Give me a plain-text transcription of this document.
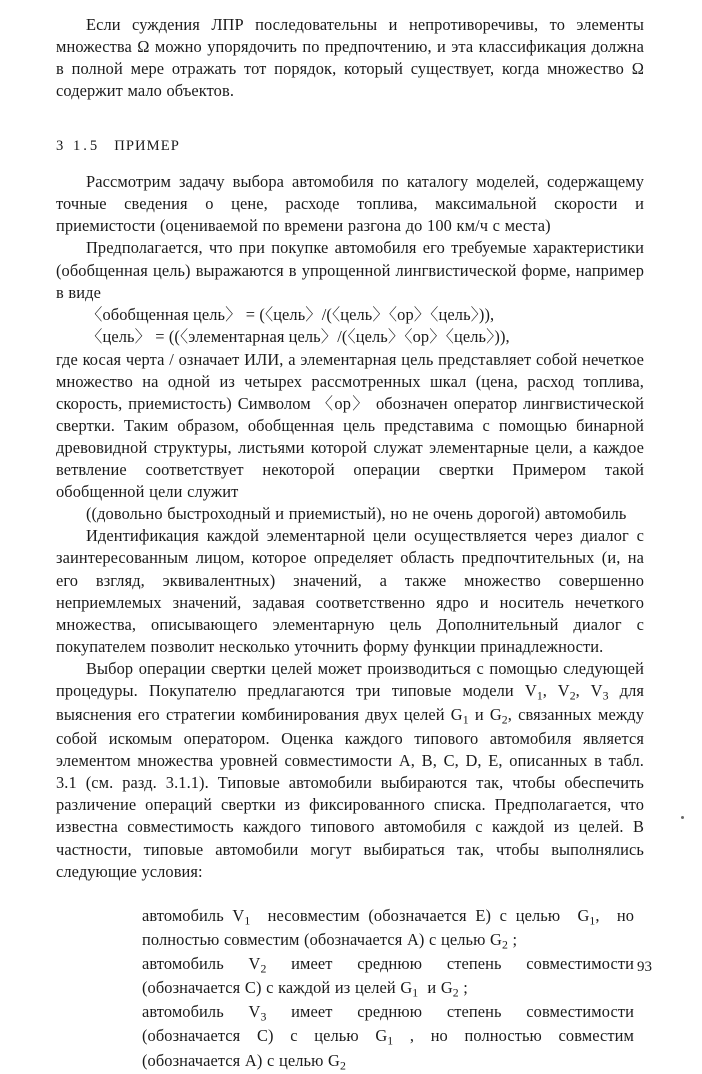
Если суждения ЛПР последовательны и непротиворечивы, то элементы множества Ω можно упорядочить по предпочтению, и эта классификация должна в полной мере отражать тот порядок, который существует, когда множество Ω содержит мало объектов.

3 1.5 ПРИМЕР

Рассмотрим задачу выбора автомобиля по каталогу моделей, содержащему точные сведения о цене, расходе топлива, максимальной скорости и приемистости (оцениваемой по времени разгона до 100 км/ч с места)

Предполагается, что при покупке автомобиля его требуемые характеристики (обобщенная цель) выражаются в упрощенной лингвистической форме, например в виде

〈обобщенная цель〉 = (〈цель〉/(〈цель〉〈ор〉〈цель〉)),

〈цель〉 = ((〈элементарная цель〉/(〈цель〉〈ор〉〈цель〉)),

где косая черта / означает ИЛИ, а элементарная цель представляет собой нечеткое множество на одной из четырех рассмотренных шкал (цена, расход топлива, скорость, приемистость) Символом 〈ор〉 обозначен оператор лингвистической свертки. Таким образом, обобщенная цель представима с помощью бинарной древовидной структуры, листьями которой служат элементарные цели, а каждое ветвление соответствует некоторой операции свертки Примером такой обобщенной цели служит

((довольно быстроходный и приемистый), но не очень дорогой) автомобиль

Идентификация каждой элементарной цели осуществляется через диалог с заинтересованным лицом, которое определяет область предпочтительных (и, на его взгляд, эквивалентных) значений, а также множество совершенно неприемлемых значений, задавая соответственно ядро и носитель нечеткого множества, описывающего элементарную цель Дополнительный диалог с покупателем позволит несколько уточнить форму функции принадлежности.

Выбор операции свертки целей может производиться с помощью следующей процедуры. Покупателю предлагаются три типовые модели $V_1$, $V_2$, $V_3$ для выяснения его стратегии комбинирования двух целей $G_1$ и $G_2$, связанных между собой искомым оператором. Оценка каждого типового автомобиля является элементом множества уровней совместимости A, B, C, D, E, описанных в табл. 3.1 (см. разд. 3.1.1). Типовые автомобили выбираются так, чтобы обеспечить различение операций свертки из фиксированного списка. Предполагается, что известна совместимость каждого типового автомобиля с каждой из целей. В частности, типовые автомобили могут выбираться так, чтобы выполнялись следующие условия:

автомобиль $V_1$  несовместим (обозначается Е) с целью  $G_1$,  но полностью совместим (обозначается А) с целью $G_2$ ;

автомобиль $V_2$ имеет среднюю степень совместимости (обозначается С) с каждой из целей $G_1$  и $G_2$ ;

автомобиль $V_3$ имеет среднюю степень совместимости (обозначается С) с целью $G_1$ , но полностью совместим (обозначается А) с целью $G_2$

93
